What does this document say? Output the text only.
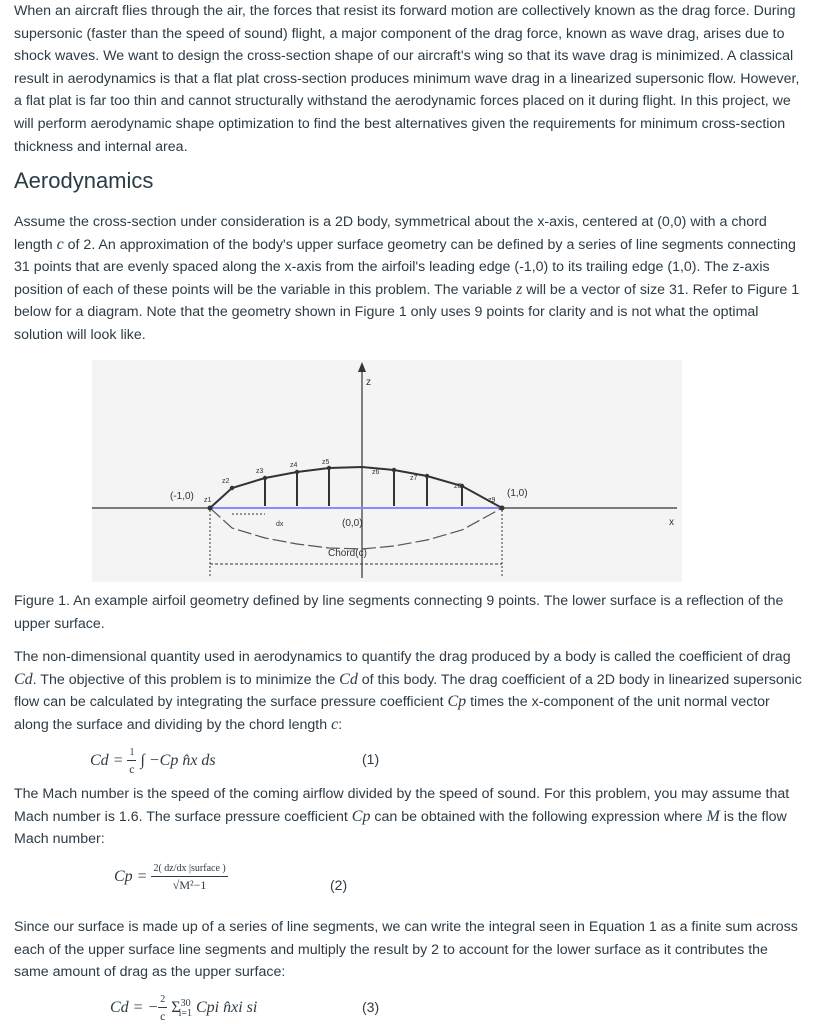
When an aircraft flies through the air, the forces that resist its forward motion are collectively known as the drag force. During supersonic (faster than the speed of sound) flight, a major component of the drag force, known as wave drag, arises due to shock waves. We want to design the cross-section shape of our aircraft's wing so that its wave drag is minimized. A classical result in aerodynamics is that a flat plat cross-section produces minimum wave drag in a linearized supersonic flow. However, a flat plat is far too thin and cannot structurally withstand the aerodynamic forces placed on it during flight. In this project, we will perform aerodynamic shape optimization to find the best alternatives given the requirements for minimum cross-section thickness and internal area.

Aerodynamics

Assume the cross-section under consideration is a 2D body, symmetrical about the x-axis, centered at (0,0) with a chord length c of 2. An approximation of the body's upper surface geometry can be defined by a series of line segments connecting 31 points that are evenly spaced along the x-axis from the airfoil's leading edge (-1,0) to its trailing edge (1,0). The z-axis position of each of these points will be the variable in this problem. The variable z will be a vector of size 31. Refer to Figure 1 below for a diagram. Note that the geometry shown in Figure 1 only uses 9 points for clarity and is not what the optimal solution will look like.

z
x
(-1,0)	(1,0)
(0,0)
Chord(c)
dx
z1
z2
z3
z4	z5
z6
z7
z8
z9

Figure 1. An example airfoil geometry defined by line segments connecting 9 points. The lower surface is a reflection of the upper surface.

The non-dimensional quantity used in aerodynamics to quantify the drag produced by a body is called the coefficient of drag Cd. The objective of this problem is to minimize the Cd of this body. The drag coefficient of a 2D body in linearized supersonic flow can be calculated by integrating the surface pressure coefficient Cp times the x-component of the unit normal vector along the surface and dividing by the chord length c:

$Cd = \frac{1}{c}$ ∫ −Cp n̂x ds	(1)

The Mach number is the speed of the coming airflow divided by the speed of sound. For this problem, you may assume that Mach number is 1.6. The surface pressure coefficient Cp can be obtained with the following expression where M is the flow Mach number:

$Cp = \frac{\text{2( dz/dx |surface )}}{\text{√M²−1}}$	(2)

Since our surface is made up of a series of line segments, we can write the integral seen in Equation 1 as a finite sum across each of the upper surface line segments and multiply the result by 2 to account for the lower surface as it contributes the same amount of drag as the upper surface:

Cd = − $\frac{2}{c} \Sigma^{30}_{i=1}$ Cpi n̂xi si	(3)
